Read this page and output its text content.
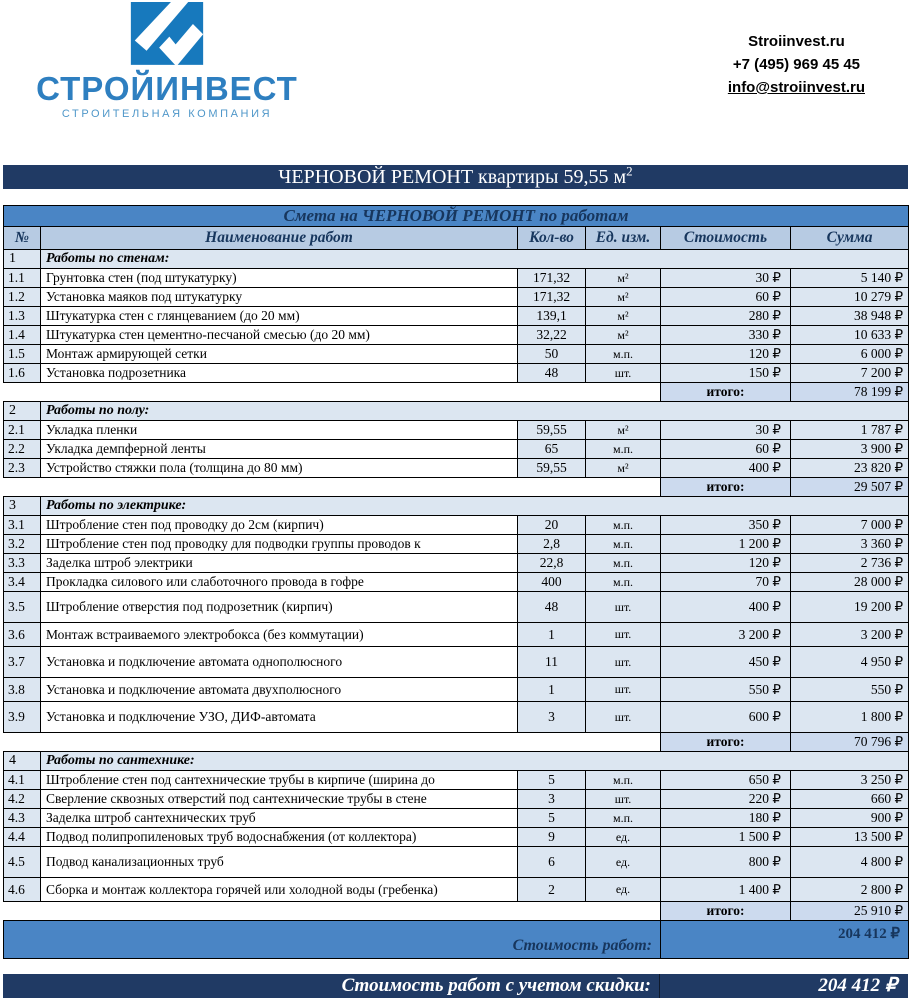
СТРОЙИНВЕСТ
СТРОИТЕЛЬНАЯ КОМПАНИЯ
Stroiinvest.ru
+7 (495) 969 45 45
info@stroiinvest.ru
ЧЕРНОВОЙ РЕМОНТ квартиры 59,55 $м^2$
Смета на ЧЕРНОВОЙ РЕМОНТ по работам					
№	Наименование работ	Кол-во	Ед. изм.	Стоимость	Сумма
1	Работы по стенам:				
1.1	Грунтовка стен (под штукатурку)	171,32	м²	30 ₽	5 140 ₽
1.2	Установка маяков под штукатурку	171,32	м²	60 ₽	10 279 ₽
1.3	Штукатурка стен с глянцеванием (до 20 мм)	139,1	м²	280 ₽	38 948 ₽
1.4	Штукатурка стен цементно-песчаной смесью (до 20 мм)	32,22	м²	330 ₽	10 633 ₽
1.5	Монтаж армирующей сетки	50	м.п.	120 ₽	6 000 ₽
1.6	Установка подрозетника	48	шт.	150 ₽	7 200 ₽
				итого:	78 199 ₽
2	Работы по полу:				
2.1	Укладка пленки	59,55	м²	30 ₽	1 787 ₽
2.2	Укладка демпферной ленты	65	м.п.	60 ₽	3 900 ₽
2.3	Устройство стяжки пола (толщина до 80 мм)	59,55	м²	400 ₽	23 820 ₽
				итого:	29 507 ₽
3	Работы по электрике:				
3.1	Штробление стен под проводку до 2см (кирпич)	20	м.п.	350 ₽	7 000 ₽
3.2	Штробление стен под проводку для подводки группы проводов к	2,8	м.п.	1 200 ₽	3 360 ₽
3.3	Заделка штроб электрики	22,8	м.п.	120 ₽	2 736 ₽
3.4	Прокладка силового или слаботочного провода в гофре	400	м.п.	70 ₽	28 000 ₽
3.5	Штробление отверстия под подрозетник (кирпич)	48	шт.	400 ₽	19 200 ₽
3.6	Монтаж встраиваемого электробокса (без коммутации)	1	шт.	3 200 ₽	3 200 ₽
3.7	Установка и подключение автомата однополюсного	11	шт.	450 ₽	4 950 ₽
3.8	Установка и подключение автомата двухполюсного	1	шт.	550 ₽	550 ₽
3.9	Установка и подключение УЗО, ДИФ-автомата	3	шт.	600 ₽	1 800 ₽
				итого:	70 796 ₽
4	Работы по сантехнике:				
4.1	Штробление стен под сантехнические трубы в кирпиче (ширина до	5	м.п.	650 ₽	3 250 ₽
4.2	Сверление сквозных отверстий под сантехнические трубы в стене	3	шт.	220 ₽	660 ₽
4.3	Заделка штроб сантехнических труб	5	м.п.	180 ₽	900 ₽
4.4	Подвод полипропиленовых труб водоснабжения (от коллектора)	9	ед.	1 500 ₽	13 500 ₽
4.5	Подвод канализационных труб	6	ед.	800 ₽	4 800 ₽
4.6	Сборка и монтаж коллектора горячей или холодной воды (гребенка)	2	ед.	1 400 ₽	2 800 ₽
				итого:	25 910 ₽
Стоимость работ:				204 412 ₽	
Стоимость работ с учетом скидки:	204 412 ₽
